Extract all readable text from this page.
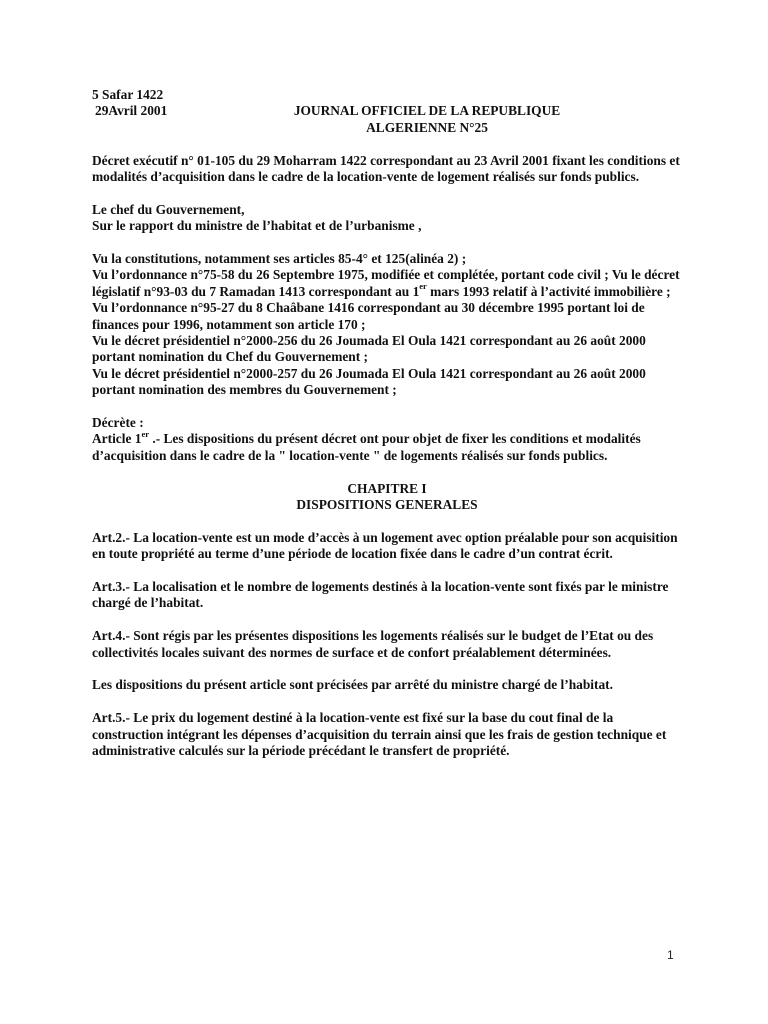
5 Safar 1422
29Avril 2001	JOURNAL OFFICIEL DE LA REPUBLIQUE
ALGERIENNE N°25
Décret exécutif n° 01-105 du 29 Moharram 1422 correspondant au 23 Avril 2001 fixant les conditions et modalités d’acquisition dans le cadre de la location-vente de logement réalisés sur fonds publics.
Le chef du Gouvernement,
Sur le rapport du ministre de l’habitat et de l’urbanisme ,
Vu la constitutions, notamment ses articles 85-4° et 125(alinéa 2) ;
Vu l’ordonnance n°75-58 du 26 Septembre 1975, modifiée et complétée, portant code civil ; Vu le décret législatif n°93-03 du 7 Ramadan 1413 correspondant au 1er mars 1993 relatif à l’activité immobilière ;
Vu l’ordonnance n°95-27 du 8 Chaâbane 1416 correspondant au 30 décembre 1995 portant loi de finances pour 1996, notamment son article 170 ;
Vu le décret présidentiel n°2000-256 du 26 Joumada El Oula 1421 correspondant au 26 août 2000 portant nomination du Chef du Gouvernement ;
Vu le décret présidentiel n°2000-257 du 26 Joumada El Oula 1421 correspondant au 26 août 2000 portant nomination des membres du Gouvernement ;
Décrète :
Article 1er .- Les dispositions du présent décret ont pour objet de fixer les conditions et modalités d’acquisition dans le cadre de la " location-vente " de logements réalisés sur fonds publics.
CHAPITRE I
DISPOSITIONS GENERALES
Art.2.- La location-vente est un mode d’accès à un logement avec option préalable pour son acquisition en toute propriété au terme d’une période de location fixée dans le cadre d’un contrat écrit.
Art.3.- La localisation et le nombre de logements destinés à la location-vente sont fixés par le ministre chargé de l’habitat.
Art.4.- Sont régis par les présentes dispositions les logements réalisés sur le budget de l’Etat ou des collectivités locales suivant des normes de surface et de confort préalablement déterminées.
Les dispositions du présent article sont précisées par arrêté du ministre chargé de l’habitat.
Art.5.- Le prix du logement destiné à la location-vente est fixé sur la base du cout final de la construction intégrant les dépenses d’acquisition du terrain ainsi que les frais de gestion technique et administrative calculés sur la période précédant le transfert de propriété.
1
